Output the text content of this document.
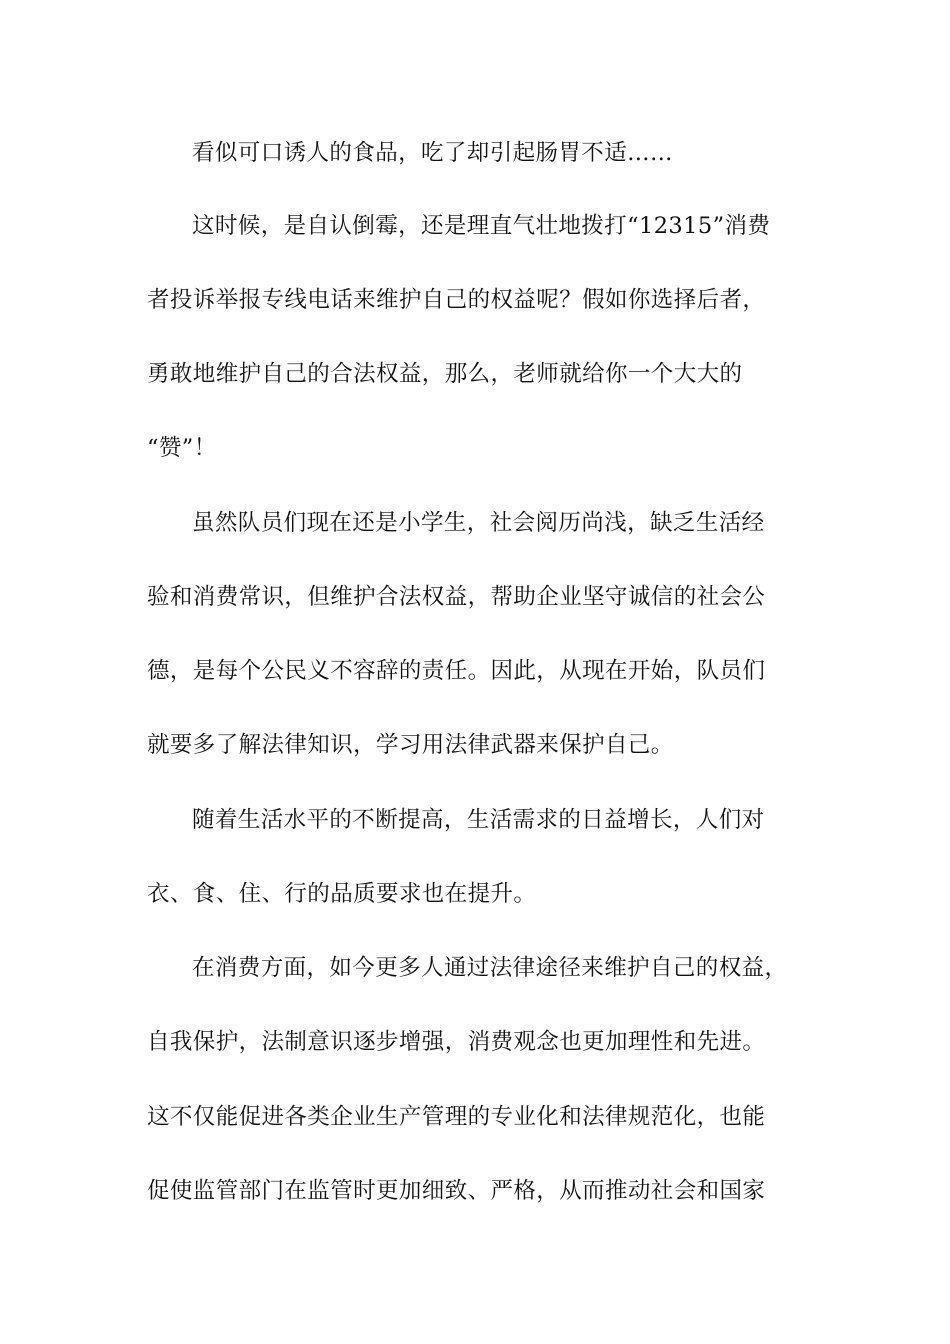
看似可口诱人的食品，吃了却引起肠胃不适……
这时候，是自认倒霉，还是理直气壮地拨打“12315”消费
者投诉举报专线电话来维护自己的权益呢？假如你选择后者，
勇敢地维护自己的合法权益，那么，老师就给你一个大大的
“赞”！
虽然队员们现在还是小学生，社会阅历尚浅，缺乏生活经
验和消费常识，但维护合法权益，帮助企业坚守诚信的社会公
德，是每个公民义不容辞的责任。因此，从现在开始，队员们
就要多了解法律知识，学习用法律武器来保护自己。
随着生活水平的不断提高，生活需求的日益增长，人们对
衣、食、住、行的品质要求也在提升。
在消费方面，如今更多人通过法律途径来维护自己的权益，
自我保护，法制意识逐步增强，消费观念也更加理性和先进。
这不仅能促进各类企业生产管理的专业化和法律规范化，也能
促使监管部门在监管时更加细致、严格，从而推动社会和国家
